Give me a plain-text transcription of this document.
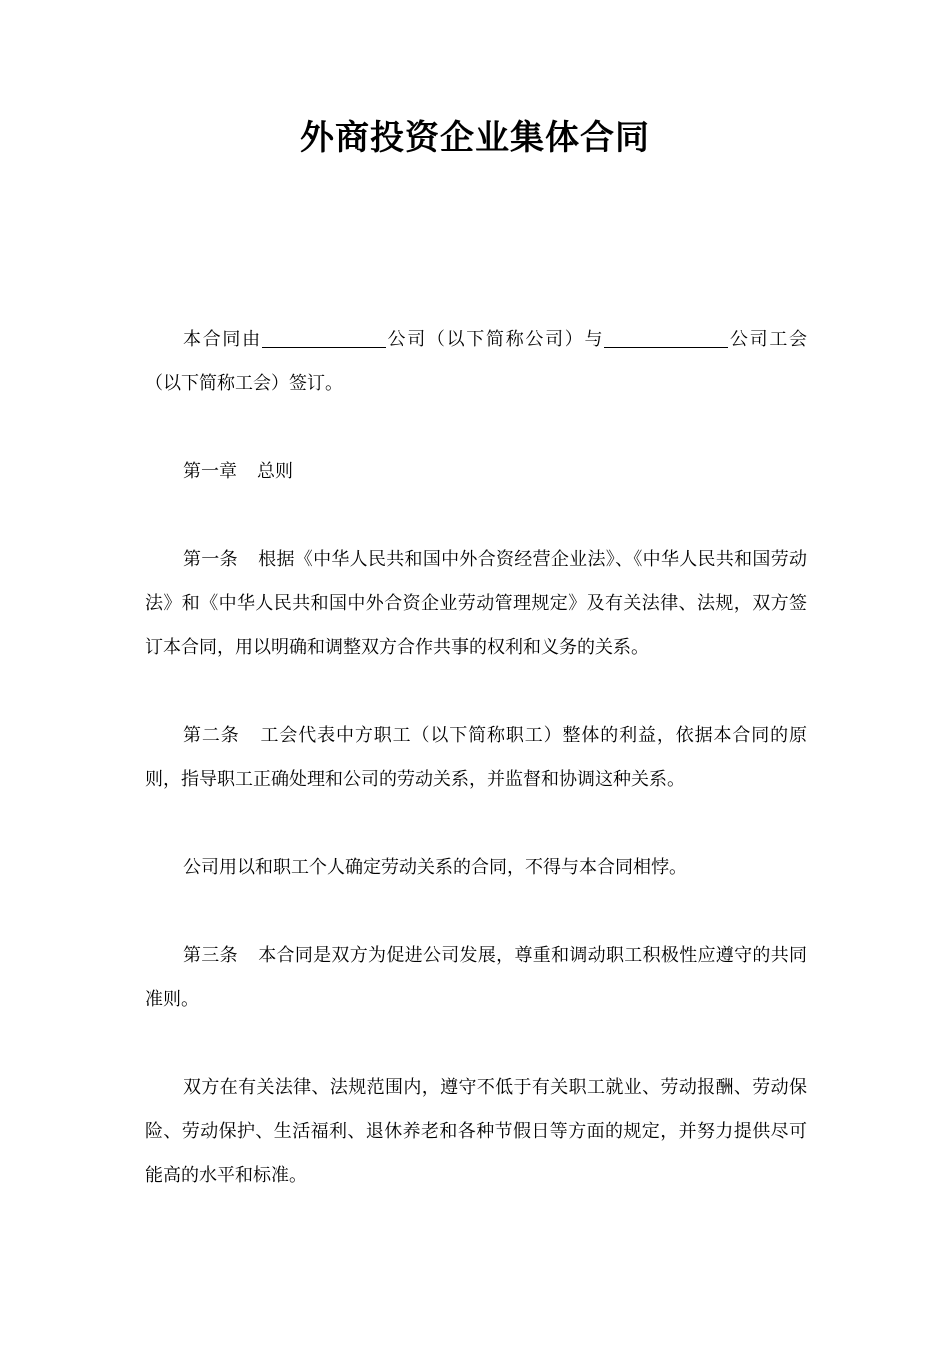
外商投资企业集体合同
本合同由	公司（以下简称公司）与	公司工会（以下简称工会）签订。
第一章 总则
第一条 根据《中华人民共和国中外合资经营企业法》、《中华人民共和国劳动法》和《中华人民共和国中外合资企业劳动管理规定》及有关法律、法规，双方签订本合同，用以明确和调整双方合作共事的权利和义务的关系。
第二条 工会代表中方职工（以下简称职工）整体的利益，依据本合同的原则，指导职工正确处理和公司的劳动关系，并监督和协调这种关系。
公司用以和职工个人确定劳动关系的合同，不得与本合同相悖。
第三条 本合同是双方为促进公司发展，尊重和调动职工积极性应遵守的共同准则。
双方在有关法律、法规范围内，遵守不低于有关职工就业、劳动报酬、劳动保险、劳动保护、生活福利、退休养老和各种节假日等方面的规定，并努力提供尽可能高的水平和标准。
